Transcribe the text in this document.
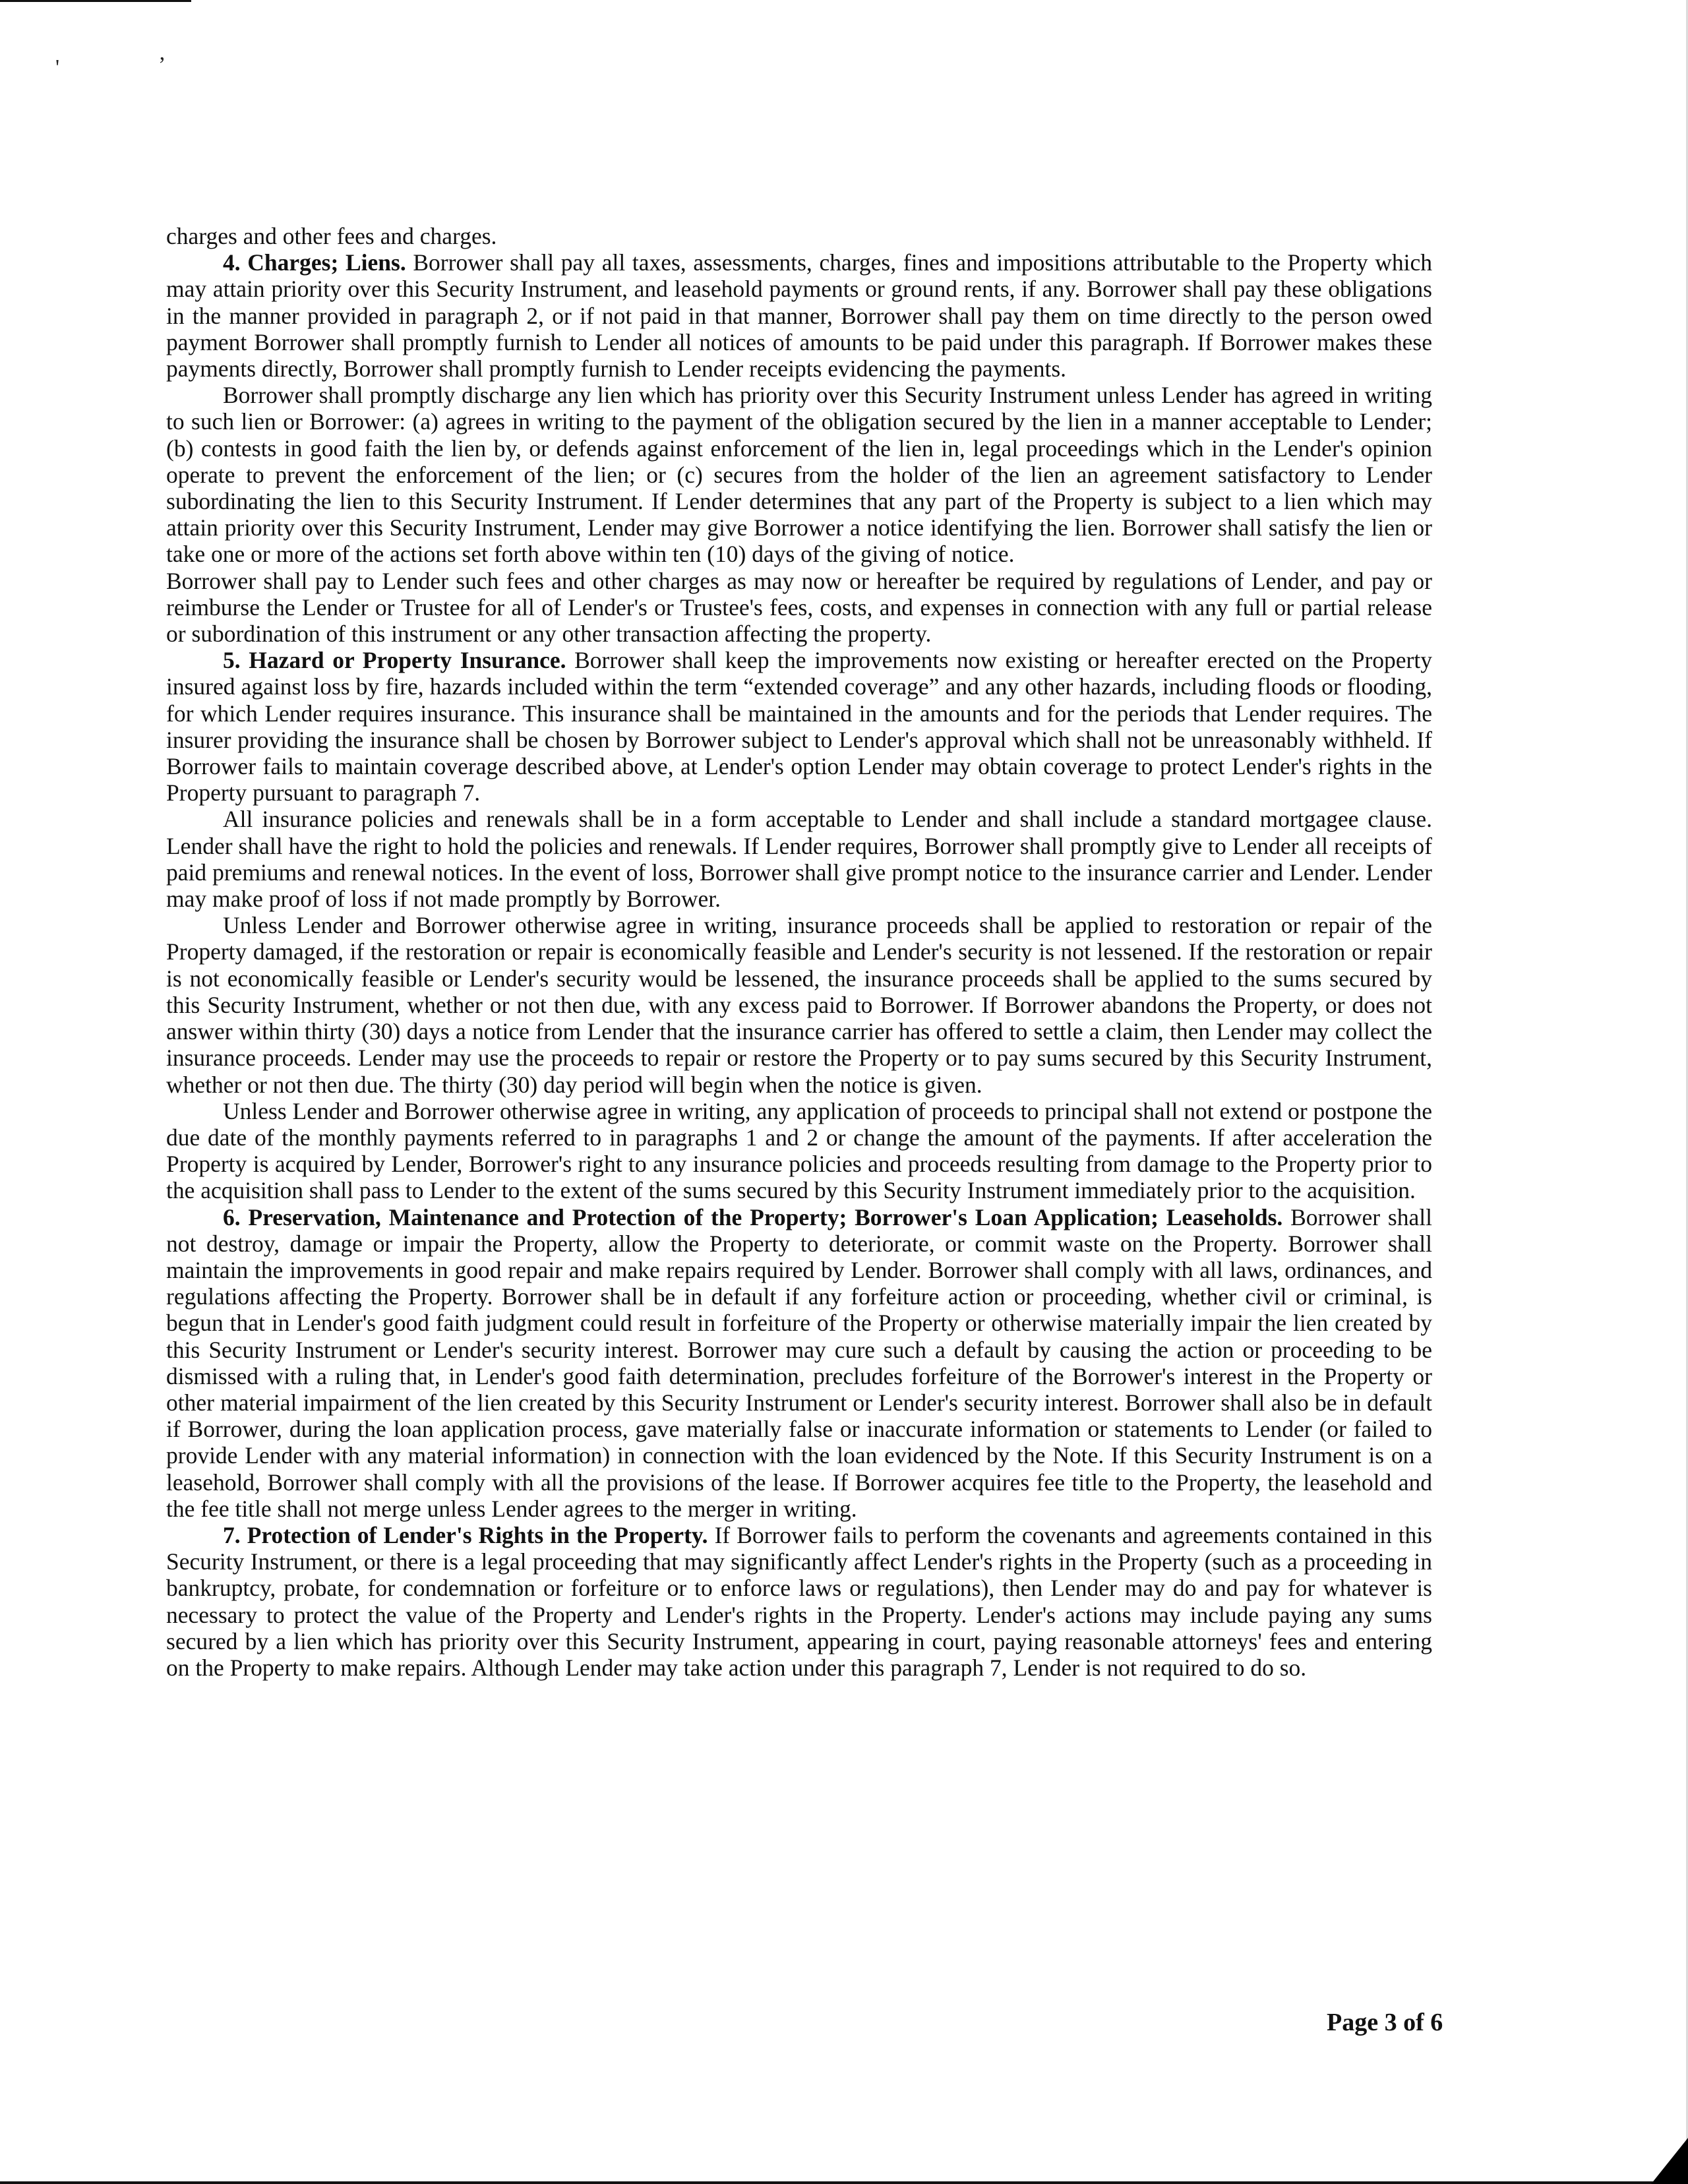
'	’

charges and other fees and charges.

4. Charges; Liens. Borrower shall pay all taxes, assessments, charges, fines and impositions attributable to the Property which may attain priority over this Security Instrument, and leasehold payments or ground rents, if any. Borrower shall pay these obligations in the manner provided in paragraph 2, or if not paid in that manner, Borrower shall pay them on time directly to the person owed payment Borrower shall promptly furnish to Lender all notices of amounts to be paid under this paragraph. If Borrower makes these payments directly, Borrower shall promptly furnish to Lender receipts evidencing the payments.

Borrower shall promptly discharge any lien which has priority over this Security Instrument unless Lender has agreed in writing to such lien or Borrower: (a) agrees in writing to the payment of the obligation secured by the lien in a manner acceptable to Lender; (b) contests in good faith the lien by, or defends against enforcement of the lien in, legal proceedings which in the Lender's opinion operate to prevent the enforcement of the lien; or (c) secures from the holder of the lien an agreement satisfactory to Lender subordinating the lien to this Security Instrument. If Lender determines that any part of the Property is subject to a lien which may attain priority over this Security Instrument, Lender may give Borrower a notice identifying the lien. Borrower shall satisfy the lien or take one or more of the actions set forth above within ten (10) days of the giving of notice.

Borrower shall pay to Lender such fees and other charges as may now or hereafter be required by regulations of Lender, and pay or reimburse the Lender or Trustee for all of Lender's or Trustee's fees, costs, and expenses in connection with any full or partial release or subordination of this instrument or any other transaction affecting the property.

5. Hazard or Property Insurance. Borrower shall keep the improvements now existing or hereafter erected on the Property insured against loss by fire, hazards included within the term “extended coverage” and any other hazards, including floods or flooding, for which Lender requires insurance. This insurance shall be maintained in the amounts and for the periods that Lender requires. The insurer providing the insurance shall be chosen by Borrower subject to Lender's approval which shall not be unreasonably withheld. If Borrower fails to maintain coverage described above, at Lender's option Lender may obtain coverage to protect Lender's rights in the Property pursuant to paragraph 7.

All insurance policies and renewals shall be in a form acceptable to Lender and shall include a standard mortgagee clause. Lender shall have the right to hold the policies and renewals. If Lender requires, Borrower shall promptly give to Lender all receipts of paid premiums and renewal notices. In the event of loss, Borrower shall give prompt notice to the insurance carrier and Lender. Lender may make proof of loss if not made promptly by Borrower.

Unless Lender and Borrower otherwise agree in writing, insurance proceeds shall be applied to restoration or repair of the Property damaged, if the restoration or repair is economically feasible and Lender's security is not lessened. If the restoration or repair is not economically feasible or Lender's security would be lessened, the insurance proceeds shall be applied to the sums secured by this Security Instrument, whether or not then due, with any excess paid to Borrower. If Borrower abandons the Property, or does not answer within thirty (30) days a notice from Lender that the insurance carrier has offered to settle a claim, then Lender may collect the insurance proceeds. Lender may use the proceeds to repair or restore the Property or to pay sums secured by this Security Instrument, whether or not then due. The thirty (30) day period will begin when the notice is given.

Unless Lender and Borrower otherwise agree in writing, any application of proceeds to principal shall not extend or postpone the due date of the monthly payments referred to in paragraphs 1 and 2 or change the amount of the payments. If after acceleration the Property is acquired by Lender, Borrower's right to any insurance policies and proceeds resulting from damage to the Property prior to the acquisition shall pass to Lender to the extent of the sums secured by this Security Instrument immediately prior to the acquisition.

6. Preservation, Maintenance and Protection of the Property; Borrower's Loan Application; Leaseholds. Borrower shall not destroy, damage or impair the Property, allow the Property to deteriorate, or commit waste on the Property. Borrower shall maintain the improvements in good repair and make repairs required by Lender. Borrower shall comply with all laws, ordinances, and regulations affecting the Property. Borrower shall be in default if any forfeiture action or proceeding, whether civil or criminal, is begun that in Lender's good faith judgment could result in forfeiture of the Property or otherwise materially impair the lien created by this Security Instrument or Lender's security interest. Borrower may cure such a default by causing the action or proceeding to be dismissed with a ruling that, in Lender's good faith determination, precludes forfeiture of the Borrower's interest in the Property or other material impairment of the lien created by this Security Instrument or Lender's security interest. Borrower shall also be in default if Borrower, during the loan application process, gave materially false or inaccurate information or statements to Lender (or failed to provide Lender with any material information) in connection with the loan evidenced by the Note. If this Security Instrument is on a leasehold, Borrower shall comply with all the provisions of the lease. If Borrower acquires fee title to the Property, the leasehold and the fee title shall not merge unless Lender agrees to the merger in writing.

7. Protection of Lender's Rights in the Property. If Borrower fails to perform the covenants and agreements contained in this Security Instrument, or there is a legal proceeding that may significantly affect Lender's rights in the Property (such as a proceeding in bankruptcy, probate, for condemnation or forfeiture or to enforce laws or regulations), then Lender may do and pay for whatever is necessary to protect the value of the Property and Lender's rights in the Property. Lender's actions may include paying any sums secured by a lien which has priority over this Security Instrument, appearing in court, paying reasonable attorneys' fees and entering on the Property to make repairs. Although Lender may take action under this paragraph 7, Lender is not required to do so.

Page 3 of 6
